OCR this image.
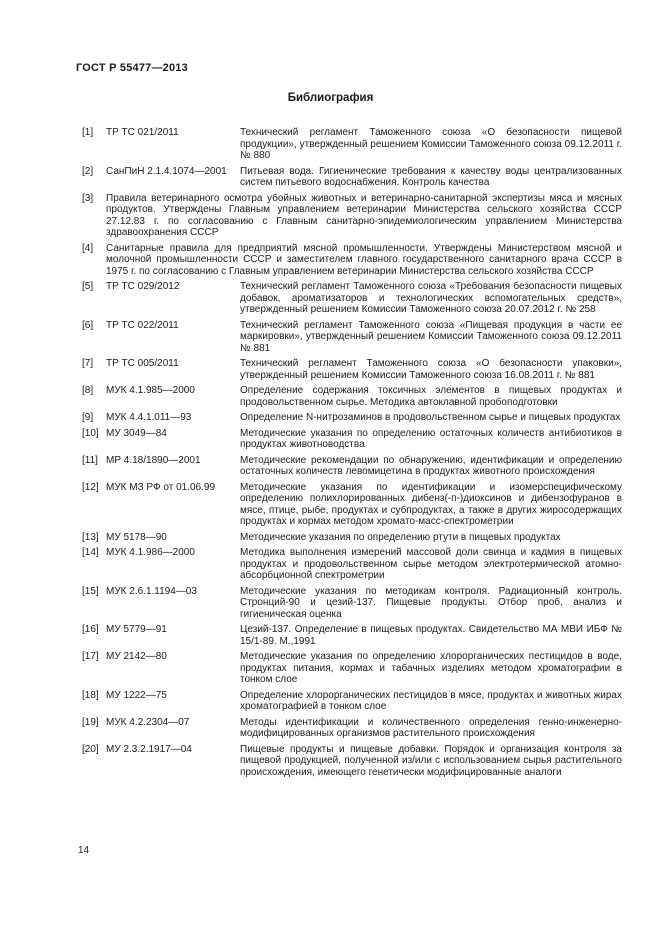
ГОСТ Р 55477—2013
Библиография
[1]	ТР ТС 021/2011	Технический регламент Таможенного союза «О безопасности пищевой продукции», утвержденный решением Комиссии Таможенного союза 09.12.2011 г. № 880
[2]	СанПиН 2.1.4.1074—2001	Питьевая вода. Гигиенические требования к качеству воды централизованных систем питьевого водоснабжения. Контроль качества
[3]	Правила ветеринарного осмотра убойных животных и ветеринарно-санитарной экспертизы мяса и мясных продуктов. Утверждены Главным управлением ветеринарии Министерства сельского хозяйства СССР 27.12.83 г. по согласованию с Главным санитарно-эпидемиологическим управлением Министерства здравоохранения СССР
[4]	Санитарные правила для предприятий мясной промышленности. Утверждены Министерством мясной и молочной промышленности СССР и заместителем главного государственного санитарного врача СССР в 1975 г. по согласованию с Главным управлением ветеринарии Министерства сельского хозяйства СССР
[5]	ТР ТС 029/2012	Технический регламент Таможенного союза «Требования безопасности пищевых добавок, ароматизаторов и технологических вспомогательных средств», утвержденный решением Комиссии Таможенного союза 20.07.2012 г. № 258
[6]	ТР ТС 022/2011	Технический регламент Таможенного союза «Пищевая продукция в части ее маркировки», утвержденный решением Комиссии Таможенного союза 09.12.2011 № 881
[7]	ТР ТС 005/2011	Технический регламент Таможенного союза «О безопасности упаковки», утвержденный решением Комиссии Таможенного союза 16.08.2011 г. № 881
[8]	МУК 4.1.985—2000	Определение содержания токсичных элементов в пищевых продуктах и продовольственном сырье. Методика автоклавной пробоподготовки
[9]	МУК 4.4.1.011—93	Определение N-нитрозаминов в продовольственном сырье и пищевых продуктах
[10] МУ 3049—84	Методические указания по определению остаточных количеств антибиотиков в продуктах животноводства
[11] МР 4.18/1890—2001	Методические рекомендации по обнаружению, идентификации и определению остаточных количеств левомицетина в продуктах животного происхождения
[12] МУК МЗ РФ от 01.06.99	Методические указания по идентификации и изомерспецифическому определению полихлорированных дибенз(-п-)диоксинов и дибензофуранов в мясе, птице, рыбе, продуктах и субпродуктах, а также в других жиросодержащих продуктах и кормах методом хромато-масс-спектрометрии
[13] МУ 5178—90	Методические указания по определению ртути в пищевых продуктах
[14] МУК 4.1.986—2000	Методика выполнения измерений массовой доли свинца и кадмия в пищевых продуктах и продовольственном сырье методом электротермической атомно-абсорбционной спектрометрии
[15] МУК 2.6.1.1194—03	Методические указания по методикам контроля. Радиационный контроль. Стронций-90 и цезий-137. Пищевые продукты. Отбор проб, анализ и гигиеническая оценка
[16] МУ 5779—91	Цезий-137. Определение в пищевых продуктах. Свидетельство МА МВИ ИБФ № 15/1-89. М.,1991
[17] МУ 2142—80	Методические указания по определению хлорорганических пестицидов в воде, продуктах питания, кормах и табачных изделиях методом хроматографии в тонком слое
[18] МУ 1222—75	Определение хлорорганических пестицидов в мясе, продуктах и животных жирах хроматографией в тонком слое
[19] МУК 4.2.2304—07	Методы идентификации и количественного определения генно-инженерно-модифицированных организмов растительного происхождения
[20] МУ 2.3.2.1917—04	Пищевые продукты и пищевые добавки. Порядок и организация контроля за пищевой продукцией, полученной из/или с использованием сырья растительного происхождения, имеющего генетически модифицированные аналоги
14
